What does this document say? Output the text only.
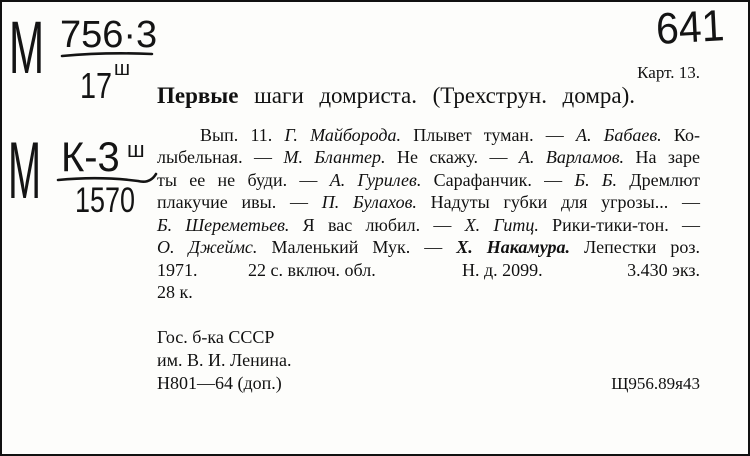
М 756·3
17 ш
М К-3 ш
1570
641
Карт. 13.
Первые шаги домриста. (Трехструн. домра).
Вып. 11. Г. Майборода. Плывет туман. — А. Бабаев. Ко-
лыбельная. — М. Блантер. Не скажу. — А. Варламов. На заре
ты ее не буди. — А. Гурилев. Сарафанчик. — Б. Б. Дремлют
плакучие ивы. — П. Булахов. Надуты губки для угрозы... —
Б. Шереметьев. Я вас любил. — Х. Гитц. Рики-тики-тон. —
О. Джеймс. Маленький Мук. — Х. Накамура. Лепестки роз.
1971.	22 с. включ. обл.	Н. д. 2099.	3.430 экз.
28 к.
Гос. б-ка СССР
им. В. И. Ленина.
Н801—64 (доп.)	Щ956.89я43
